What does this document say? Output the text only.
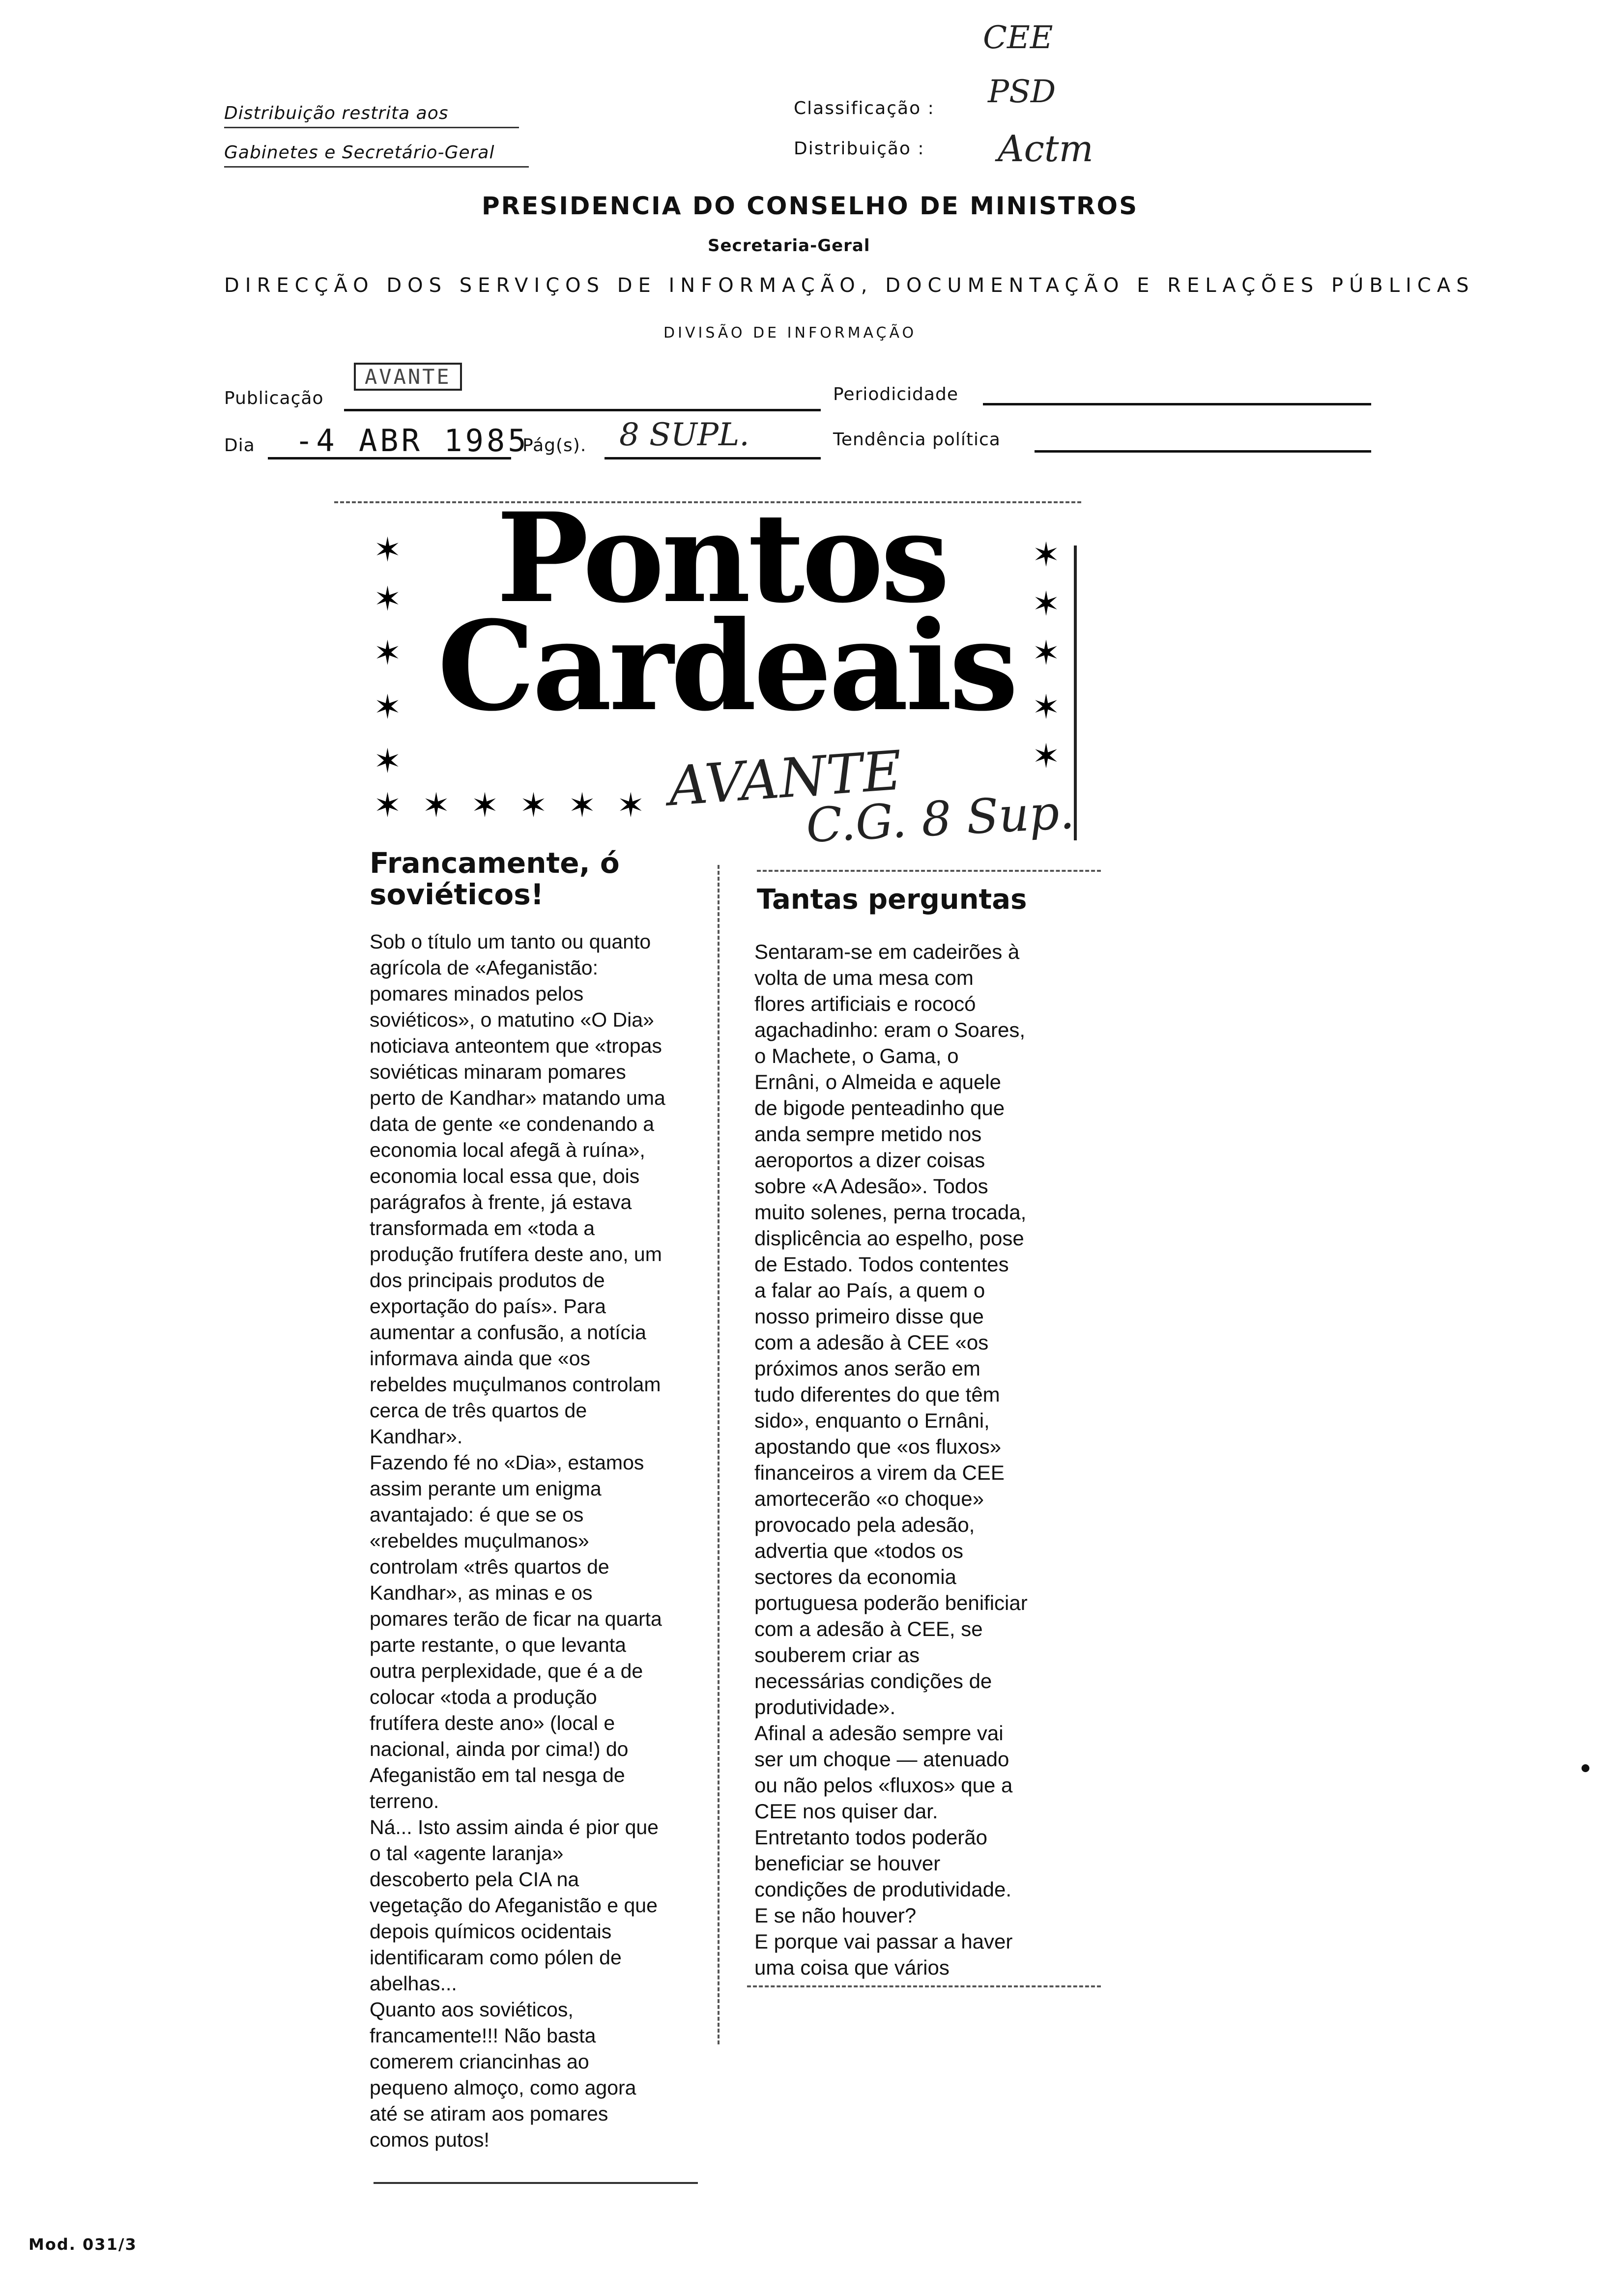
Distribuição restrita aos
Gabinetes e Secretário-Geral
Classificação :
Distribuição :
CEE
PSD
Actm
PRESIDENCIA DO CONSELHO DE MINISTROS
Secretaria-Geral
DIRECÇÃO DOS SERVIÇOS DE INFORMAÇÃO, DOCUMENTAÇÃO E RELAÇÕES PÚBLICAS
DIVISÃO DE INFORMAÇÃO
Publicação
AVANTE
Periodicidade
Dia -4 ABR 1985
Pág(s). 8 SUPL.	Tendência política
✶
✶
✶
✶
✶
✶
✶
✶
✶
✶
✶ ✶ ✶ ✶ ✶ ✶
Pontos
Cardeais
AVANTE
C.G. 8 Sup.
Francamente, ó soviéticos!
Sob o título um tanto ou quanto
agrícola de «Afeganistão:
pomares minados pelos
soviéticos», o matutino «O Dia»
noticiava anteontem que «tropas
soviéticas minaram pomares
perto de Kandhar» matando uma
data de gente «e condenando a
economia local afegã à ruína»,
economia local essa que, dois
parágrafos à frente, já estava
transformada em «toda a
produção frutífera deste ano, um
dos principais produtos de
exportação do país». Para
aumentar a confusão, a notícia
informava ainda que «os
rebeldes muçulmanos controlam
cerca de três quartos de
Kandhar».
Fazendo fé no «Dia», estamos
assim perante um enigma
avantajado: é que se os
«rebeldes muçulmanos»
controlam «três quartos de
Kandhar», as minas e os
pomares terão de ficar na quarta
parte restante, o que levanta
outra perplexidade, que é a de
colocar «toda a produção
frutífera deste ano» (local e
nacional, ainda por cima!) do
Afeganistão em tal nesga de
terreno.
Ná... Isto assim ainda é pior que
o tal «agente laranja»
descoberto pela CIA na
vegetação do Afeganistão e que
depois químicos ocidentais
identificaram como pólen de
abelhas...
Quanto aos soviéticos,
francamente!!! Não basta
comerem criancinhas ao
pequeno almoço, como agora
até se atiram aos pomares
comos putos!
Tantas perguntas
Sentaram-se em cadeirões à
volta de uma mesa com
flores artificiais e rococó
agachadinho: eram o Soares,
o Machete, o Gama, o
Ernâni, o Almeida e aquele
de bigode penteadinho que
anda sempre metido nos
aeroportos a dizer coisas
sobre «A Adesão». Todos
muito solenes, perna trocada,
displicência ao espelho, pose
de Estado. Todos contentes
a falar ao País, a quem o
nosso primeiro disse que
com a adesão à CEE «os
próximos anos serão em
tudo diferentes do que têm
sido», enquanto o Ernâni,
apostando que «os fluxos»
financeiros a virem da CEE
amortecerão «o choque»
provocado pela adesão,
advertia que «todos os
sectores da economia
portuguesa poderão benificiar
com a adesão à CEE, se
souberem criar as
necessárias condições de
produtividade».
Afinal a adesão sempre vai
ser um choque — atenuado
ou não pelos «fluxos» que a
CEE nos quiser dar.
Entretanto todos poderão
beneficiar se houver
condições de produtividade.
E se não houver?
E porque vai passar a haver
uma coisa que vários
Mod. 031/3
